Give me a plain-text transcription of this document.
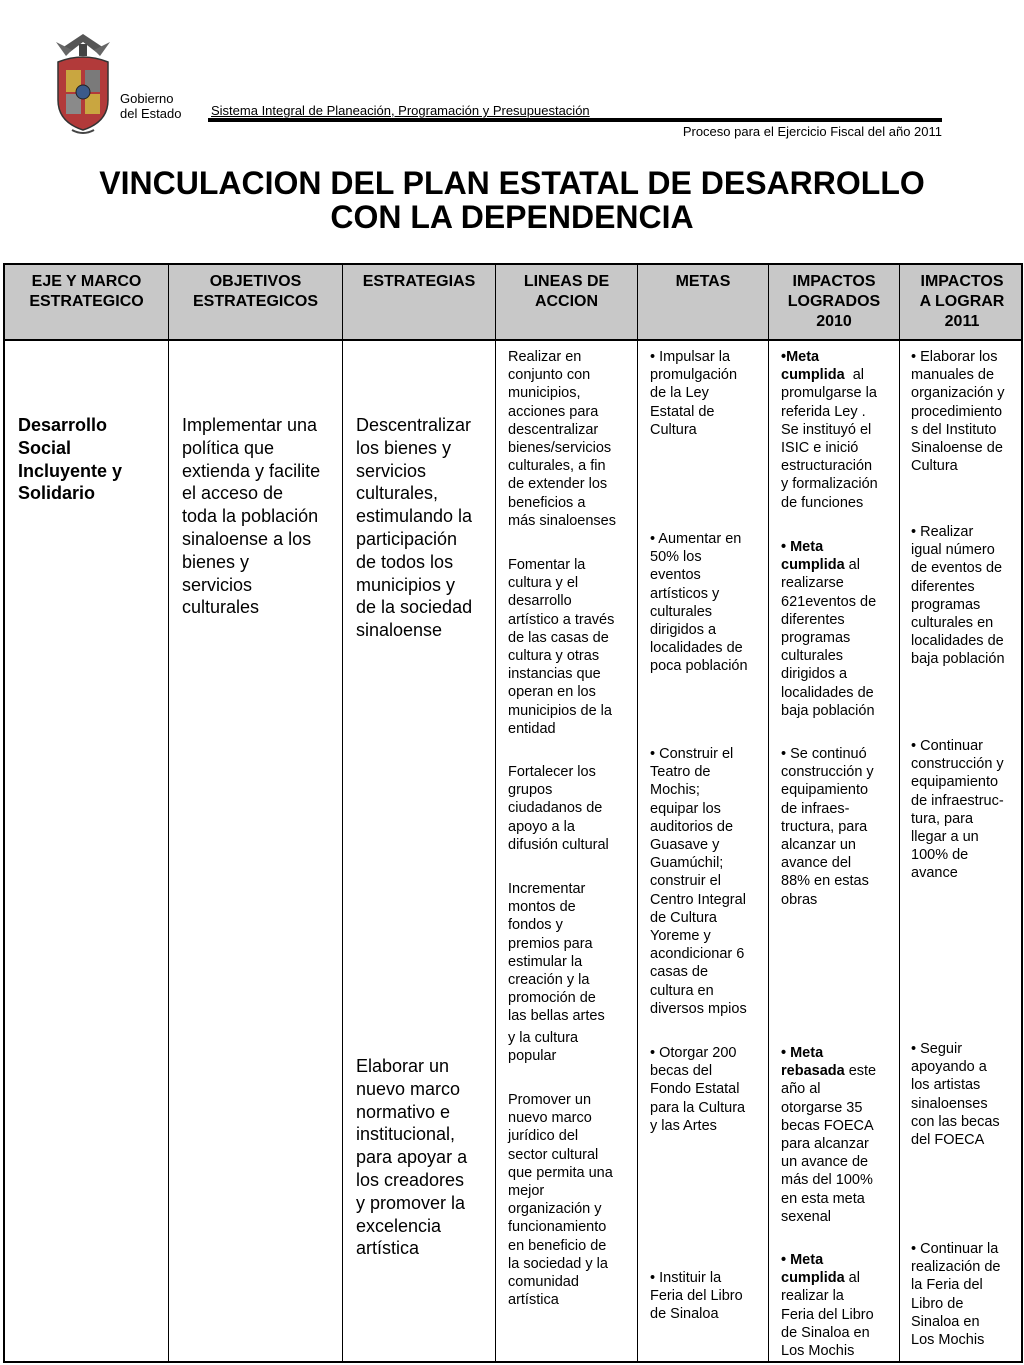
Gobierno
del Estado Sistema Integral de Planeación, Programación y Presupuestación
Proceso para el Ejercicio Fiscal del año 2011
VINCULACION DEL PLAN ESTATAL DE DESARROLLO
CON LA DEPENDENCIA
EJE Y MARCO
ESTRATEGICO
OBJETIVOS
ESTRATEGICOS
ESTRATEGIAS	LINEAS DE
ACCION
METAS	IMPACTOS
LOGRADOS
2010
IMPACTOS
A LOGRAR
2011
Desarrollo
Social
Incluyente y
Solidario
Implementar una
política que
extienda y facilite
el acceso de
toda la población
sinaloense a los
bienes y
servicios
culturales
Descentralizar
los bienes y
servicios
culturales,
estimulando la
participación
de todos los
municipios y
de la sociedad
sinaloense
Elaborar un
nuevo marco
normativo e
institucional,
para apoyar a
los creadores
y promover la
excelencia
artística
Realizar en
conjunto con
municipios,
acciones para
descentralizar
bienes/servicios
culturales, a fin
de extender los
beneficios a
más sinaloenses
Fomentar la
cultura y el
desarrollo
artístico a través
de las casas de
cultura y otras
instancias que
operan en los
municipios de la
entidad
Fortalecer los
grupos
ciudadanos de
apoyo a la
difusión cultural
Incrementar
montos de
fondos y
premios para
estimular la
creación y la
promoción de
las bellas artes
y la cultura
popular
Promover un
nuevo marco
jurídico del
sector cultural
que permita una
mejor
organización y
funcionamiento
en beneficio de
la sociedad y la
comunidad
artística
• Impulsar la
promulgación
de la Ley
Estatal de
Cultura
• Aumentar en
50% los
eventos
artísticos y
culturales
dirigidos a
localidades de
poca población
• Construir el
Teatro de
Mochis;
equipar los
auditorios de
Guasave y
Guamúchil;
construir el
Centro Integral
de Cultura
Yoreme y
acondicionar 6
casas de
cultura en
diversos mpios
• Otorgar 200
becas del
Fondo Estatal
para la Cultura
y las Artes
• Instituir la
Feria del Libro
de Sinaloa
•Meta
cumplida  al
promulgarse la
referida Ley .
Se instituyó el
ISIC e inició
estructuración
y formalización
de funciones
• Meta
cumplida al
realizarse
621eventos de
diferentes
programas
culturales
dirigidos a
localidades de
baja población
• Se continuó
construcción y
equipamiento
de infraes-
tructura, para
alcanzar un
avance del
88% en estas
obras
• Meta
rebasada este
año al
otorgarse 35
becas FOECA
para alcanzar
un avance de
más del 100%
en esta meta
sexenal
• Meta
cumplida al
realizar la
Feria del Libro
de Sinaloa en
Los Mochis
• Elaborar los
manuales de
organización y
procedimiento
s del Instituto
Sinaloense de
Cultura
• Realizar
igual número
de eventos de
diferentes
programas
culturales en
localidades de
baja población
• Continuar
construcción y
equipamiento
de infraestruc-
tura, para
llegar a un
100% de
avance
• Seguir
apoyando a
los artistas
sinaloenses
con las becas
del FOECA
• Continuar la
realización de
la Feria del
Libro de
Sinaloa en
Los Mochis
